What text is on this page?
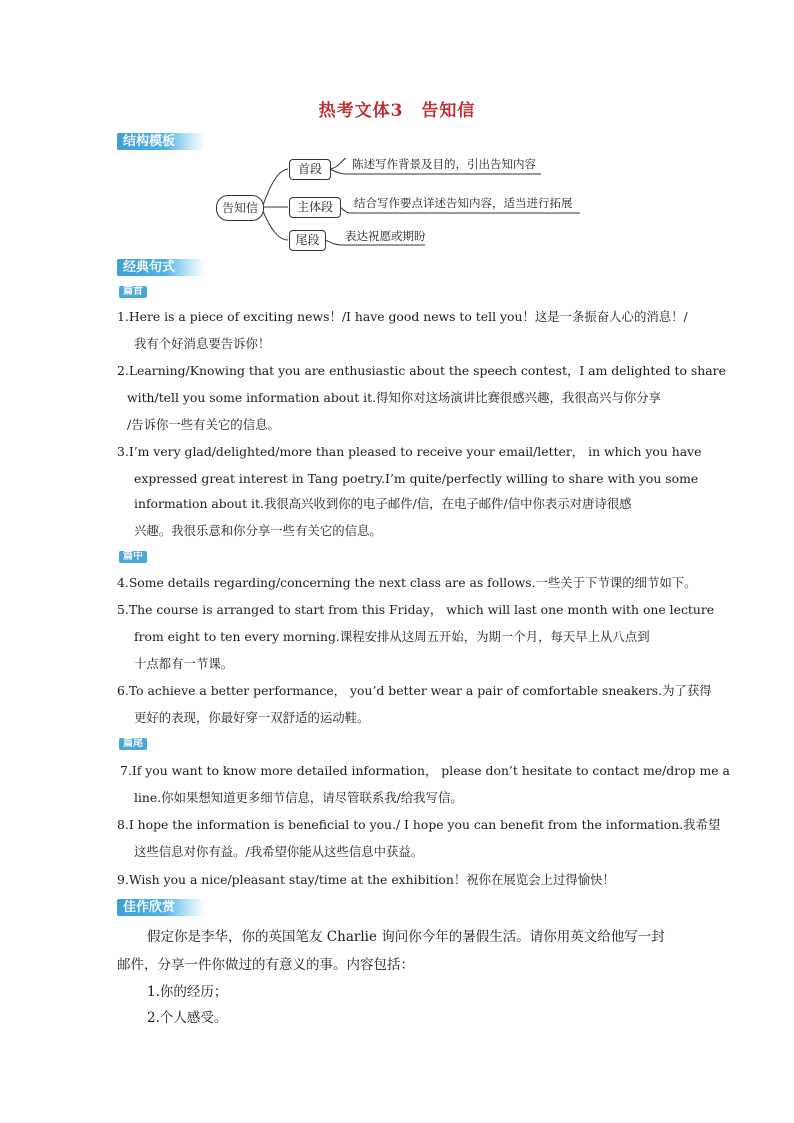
热考文体3　告知信
结构模板
告知信
首段
主体段
尾段
陈述写作背景及目的，引出告知内容
结合写作要点详述告知内容，适当进行拓展
表达祝愿或期盼
经典句式
篇首
1.Here is a piece of exciting news！/I have good news to tell you！这是一条振奋人心的消息！/
我有个好消息要告诉你！
2.Learning/Knowing that you are enthusiastic about the speech contest，I am delighted to share
with/tell you some information about it.得知你对这场演讲比赛很感兴趣，我很高兴与你分享
/告诉你一些有关它的信息。
3.I’m very glad/delighted/more than pleased to receive your email/letter， in which you have
expressed great interest in Tang poetry.I’m quite/perfectly willing to share with you some
information about it.我很高兴收到你的电子邮件/信，在电子邮件/信中你表示对唐诗很感
兴趣。我很乐意和你分享一些有关它的信息。
篇中
4.Some details regarding/concerning the next class are as follows.一些关于下节课的细节如下。
5.The course is arranged to start from this Friday， which will last one month with one lecture
from eight to ten every morning.课程安排从这周五开始，为期一个月，每天早上从八点到
十点都有一节课。
6.To achieve a better performance， you’d better wear a pair of comfortable sneakers.为了获得
更好的表现，你最好穿一双舒适的运动鞋。
篇尾
7.If you want to know more detailed information， please don’t hesitate to contact me/drop me a
line.你如果想知道更多细节信息，请尽管联系我/给我写信。
8.I hope the information is beneficial to you./ I hope you can benefit from the information.我希望
这些信息对你有益。/我希望你能从这些信息中获益。
9.Wish you a nice/pleasant stay/time at the exhibition！祝你在展览会上过得愉快！
佳作欣赏
假定你是李华，你的英国笔友 Charlie 询问你今年的暑假生活。请你用英文给他写一封
邮件，分享一件你做过的有意义的事。内容包括：
1.你的经历；
2.个人感受。
